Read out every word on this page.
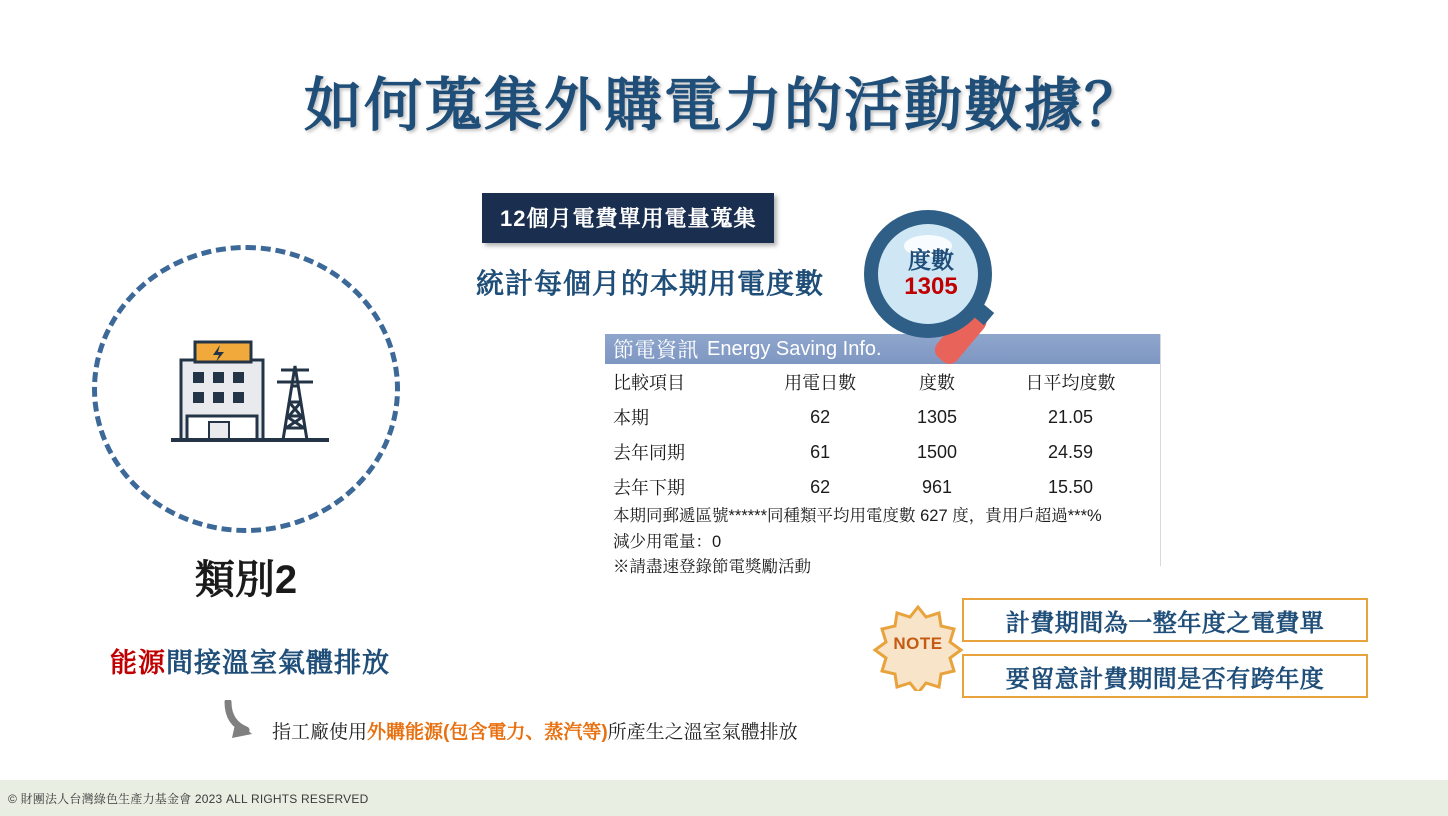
如何蒐集外購電力的活動數據？
類別2
能源間接溫室氣體排放
指工廠使用外購能源(包含電力、蒸汽等)所產生之溫室氣體排放
12個月電費單用電量蒐集
統計每個月的本期用電度數
節電資訊 Energy Saving Info.
比較項目	用電日數	度數	日平均度數
本期	62	1305	21.05
去年同期	61	1500	24.59
去年下期	62	961	15.50
本期同郵遞區號******同種類平均用電度數 627 度，貴用戶超過***%
減少用電量：0
※請盡速登錄節電獎勵活動
度數
1305
NOTE
計費期間為一整年度之電費單
要留意計費期間是否有跨年度
© 財團法人台灣綠色生產力基金會 2023 ALL RIGHTS RESERVED
